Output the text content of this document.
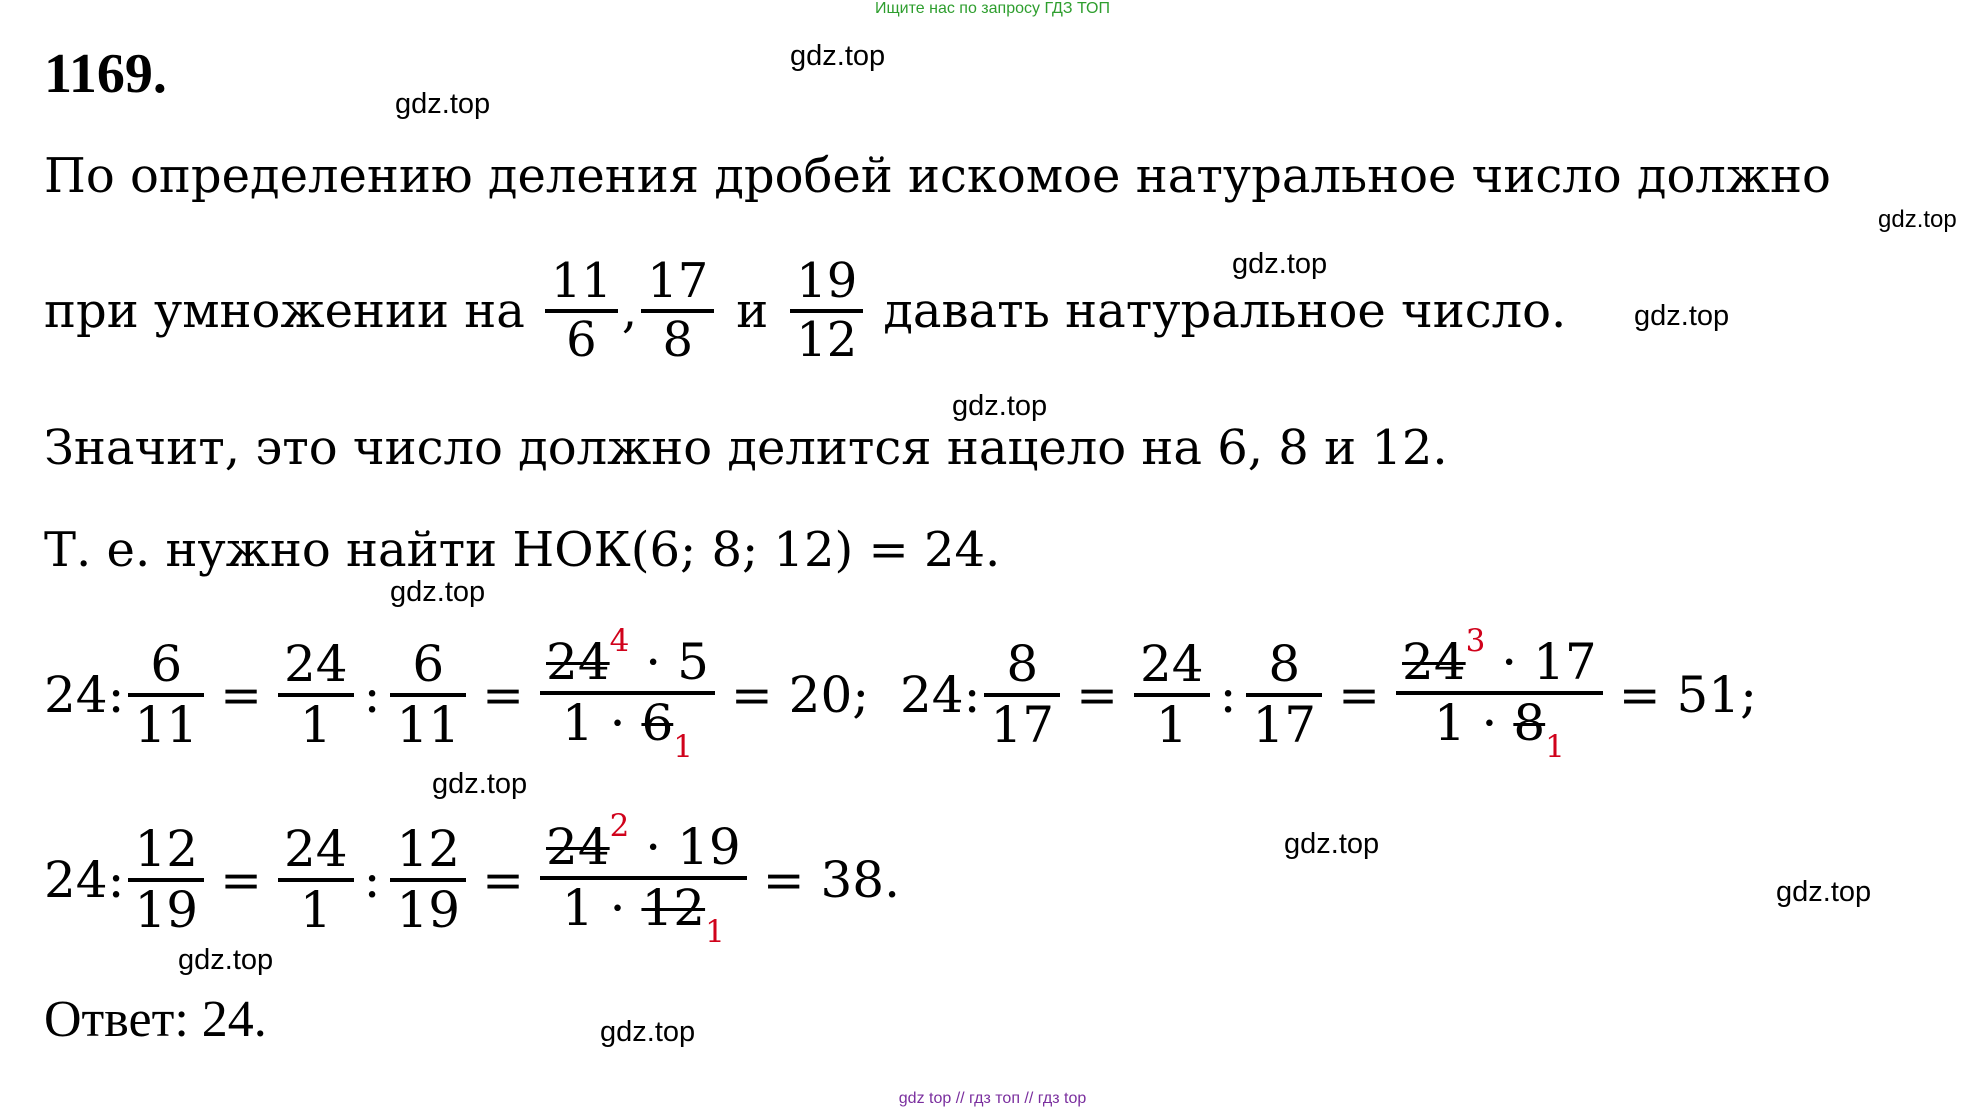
Ищите нас по запросу ГДЗ ТОП
gdz top // гдз топ // гдз top
1169.	gdz.top
gdz.top
gdz.top
gdz.top
gdz.top
gdz.top
gdz.top
gdz.top
gdz.top
gdz.top
gdz.top
gdz.top
По определению деления дробей искомое натуральное число должно
при умножении на $\frac{11}{6}$ , $\frac{17}{8}$ и $\frac{19}{12}$ давать натуральное число.
Значит, это число должно делится нацело на 6, 8 и 12.
Т. е. нужно найти НОК(6; 8; 12) = 24.
24: $\frac{6}{11} = \frac{24}{1}$ : $\frac{6}{11} = \frac{24^4 \cdot 5}{1 \cdot 6_1} = 20$; 24: $\frac{8}{17} = \frac{24}{1}$ : $\frac{8}{17} = \frac{24^3 \cdot 17}{1 \cdot 8_1} = 51$;
24: $\frac{12}{19} = \frac{24}{1}$ : $\frac{12}{19} = \frac{24^2 \cdot 19}{1 \cdot 12_1} = 38$.
Ответ: 24.
